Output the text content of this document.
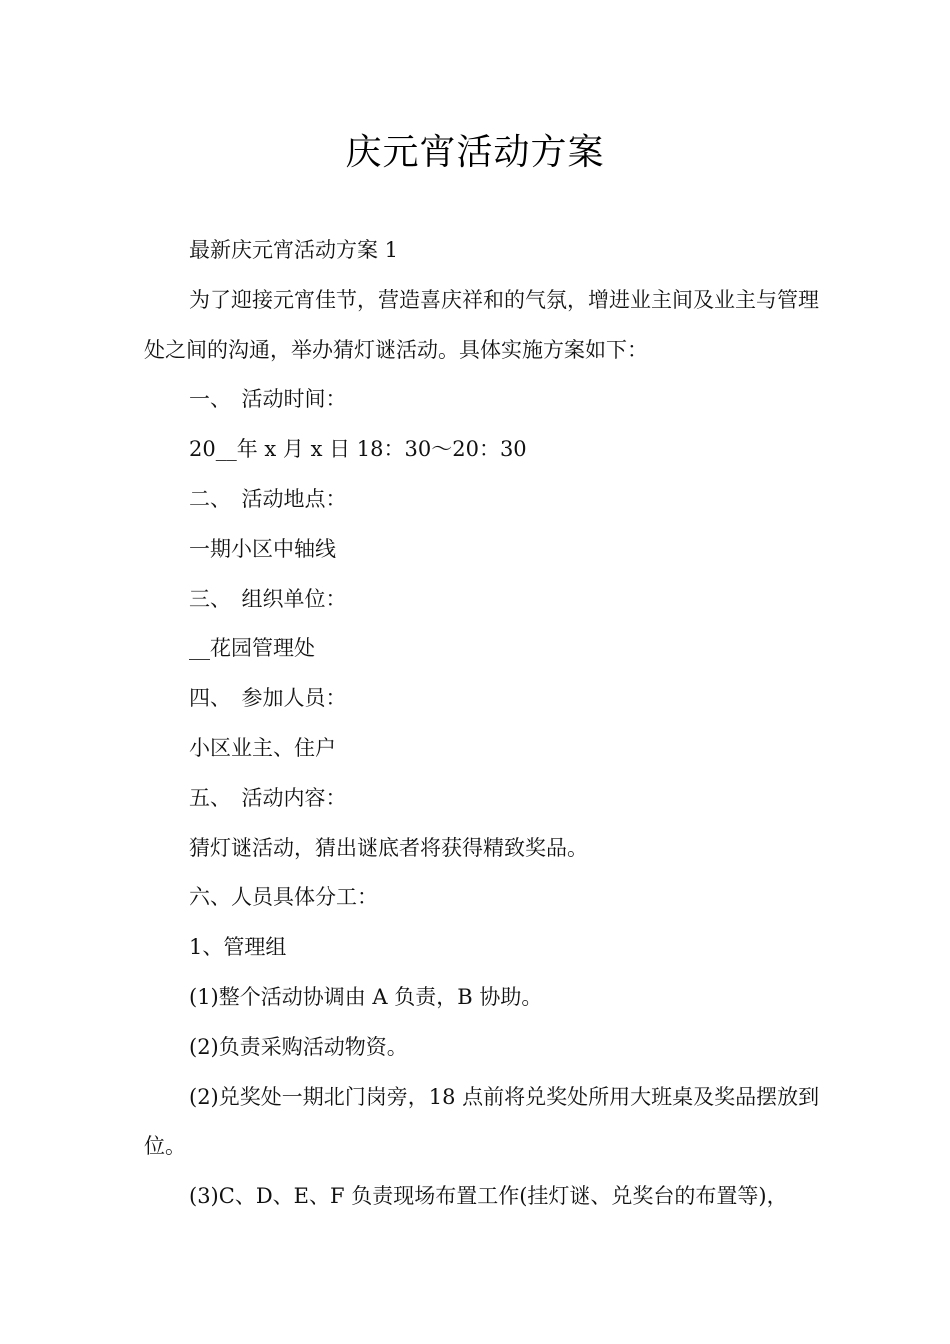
庆元宵活动方案

最新庆元宵活动方案 1

为了迎接元宵佳节，营造喜庆祥和的气氛，增进业主间及业主与管理处之间的沟通，举办猜灯谜活动。具体实施方案如下：

一、　活动时间：

20__年 x 月 x 日 18：30～20：30

二、　活动地点：

一期小区中轴线

三、　组织单位：

__花园管理处

四、　参加人员：

小区业主、住户

五、　活动内容：

猜灯谜活动，猜出谜底者将获得精致奖品。

六、人员具体分工：

1、管理组

(1)整个活动协调由 A 负责，B 协助。

(2)负责采购活动物资。

(2)兑奖处一期北门岗旁，18 点前将兑奖处所用大班桌及奖品摆放到位。

(3)C、D、E、F 负责现场布置工作(挂灯谜、兑奖台的布置等)，
